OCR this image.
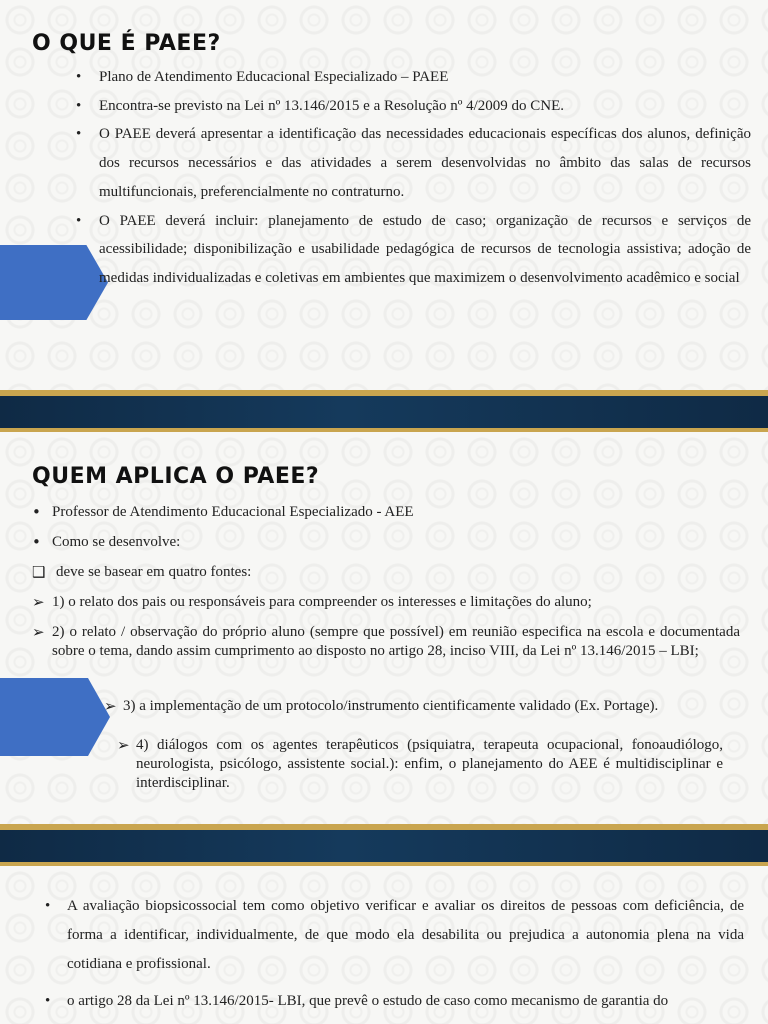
O QUE É PAEE?
• Plano de Atendimento Educacional Especializado – PAEE
• Encontra-se previsto na Lei nº 13.146/2015 e a Resolução nº 4/2009 do CNE.
• O PAEE deverá apresentar a identificação das necessidades educacionais específicas dos alunos, definição dos recursos necessários e das atividades a serem desenvolvidas no âmbito das salas de recursos multifuncionais, preferencialmente no contraturno.
• O PAEE deverá incluir: planejamento de estudo de caso; organização de recursos e serviços de acessibilidade; disponibilização e usabilidade pedagógica de recursos de tecnologia assistiva; adoção de medidas individualizadas e coletivas em ambientes que maximizem o desenvolvimento acadêmico e social
QUEM APLICA O PAEE?
• Professor de Atendimento Educacional Especializado - AEE
• Como se desenvolve:
❑ deve se basear em quatro fontes:
➢ 1) o relato dos pais ou responsáveis para compreender os interesses e limitações do aluno;
➢ 2) o relato / observação do próprio aluno (sempre que possível) em reunião especifica na escola e documentada sobre o tema, dando assim cumprimento ao disposto no artigo 28, inciso VIII, da Lei nº 13.146/2015 – LBI;
➢ 3) a implementação de um protocolo/instrumento cientificamente validado (Ex. Portage).
➢ 4) diálogos com os agentes terapêuticos (psiquiatra, terapeuta ocupacional, fonoaudiólogo, neurologista, psicólogo, assistente social.): enfim, o planejamento do AEE é multidisciplinar e interdisciplinar.
• A avaliação biopsicossocial tem como objetivo verificar e avaliar os direitos de pessoas com deficiência, de forma a identificar, individualmente, de que modo ela desabilita ou prejudica a autonomia plena na vida cotidiana e profissional.
• o artigo 28 da Lei nº 13.146/2015- LBI, que prevê o estudo de caso como mecanismo de garantia do
